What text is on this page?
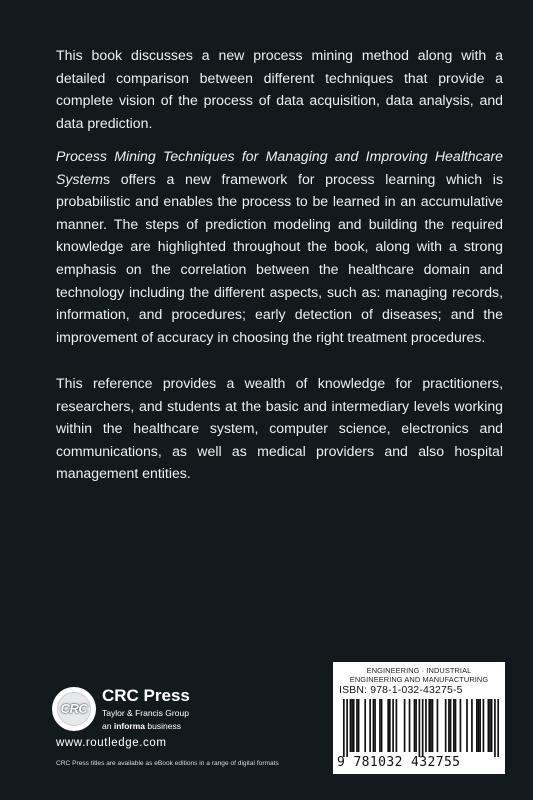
This book discusses a new process mining method along with a detailed comparison between different techniques that provide a complete vision of the process of data acquisition, data analysis, and data prediction.

Process Mining Techniques for Managing and Improving Healthcare Systems offers a new framework for process learning which is probabilistic and enables the process to be learned in an accumulative manner. The steps of prediction modeling and building the required knowledge are highlighted throughout the book, along with a strong emphasis on the correlation between the healthcare domain and technology including the different aspects, such as: managing records, information, and procedures; early detection of diseases; and the improvement of accuracy in choosing the right treatment procedures.

This reference provides a wealth of knowledge for practitioners, researchers, and students at the basic and intermediary levels working within the healthcare system, computer science, electronics and communications, as well as medical providers and also hospital management entities.

CRC
CRC Press
Taylor & Francis Group
an informa business
www.routledge.com
CRC Press titles are available as eBook editions in a range of digital formats
ENGINEERING · INDUSTRIAL
ENGINEERING AND MANUFACTURING
ISBN: 978-1-032-43275-5
9 781032 432755
